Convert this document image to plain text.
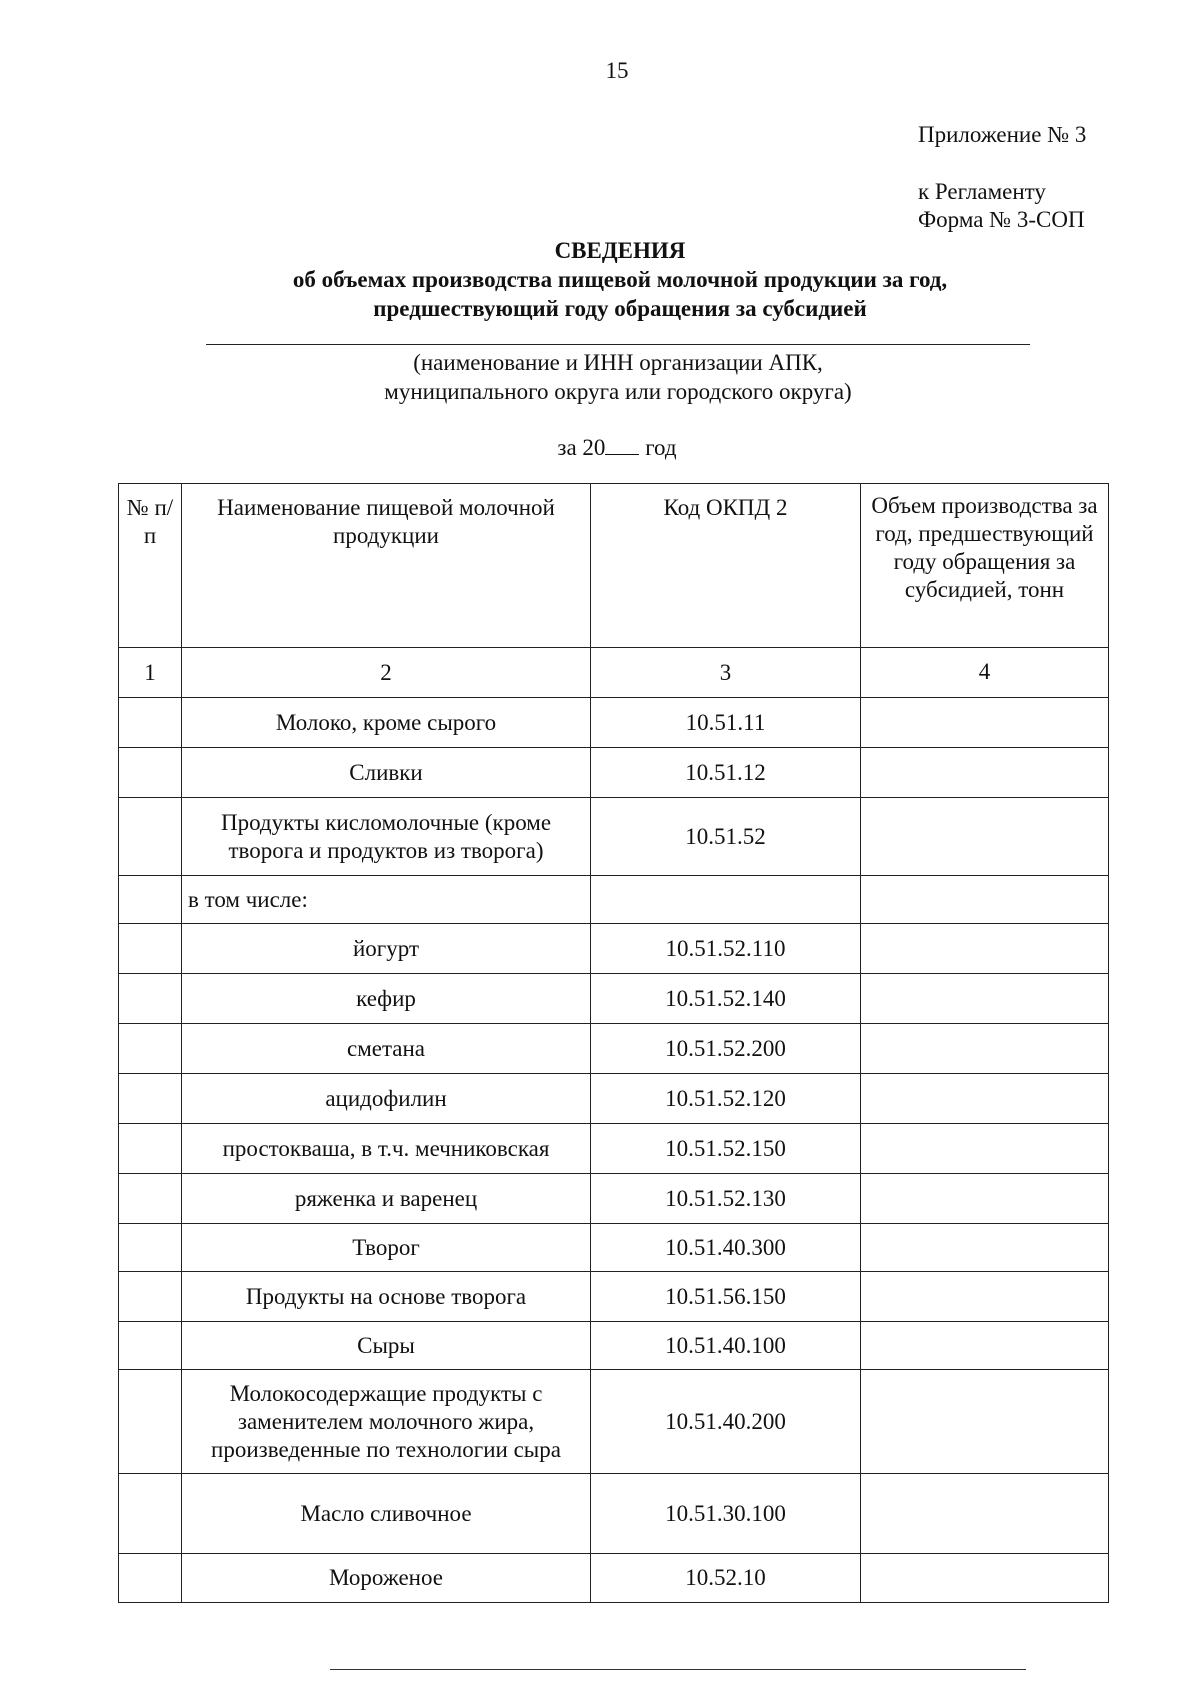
15
Приложение № 3
к Регламенту
Форма № 3-СОП
СВЕДЕНИЯ
об объемах производства пищевой молочной продукции за год,
предшествующий году обращения за субсидией
(наименование и ИНН организации АПК,
муниципального округа или городского округа)
за 20 год
№ п/п	Наименование пищевой молочной продукции	Код ОКПД 2	Объем производства за год, предшествующий году обращения за субсидией, тонн
1	2	3	4
	Молоко, кроме сырого	10.51.11	
	Сливки	10.51.12	
	Продукты кисломолочные (кроме творога и продуктов из творога)	10.51.52	
	в том числе:		
	йогурт	10.51.52.110	
	кефир	10.51.52.140	
	сметана	10.51.52.200	
	ацидофилин	10.51.52.120	
	простокваша, в т.ч. мечниковская	10.51.52.150	
	ряженка и варенец	10.51.52.130	
	Творог	10.51.40.300	
	Продукты на основе творога	10.51.56.150	
	Сыры	10.51.40.100	
	Молокосодержащие продукты с заменителем молочного жира, произведенные по технологии сыра	10.51.40.200	
	Масло сливочное	10.51.30.100	
	Мороженое	10.52.10	
